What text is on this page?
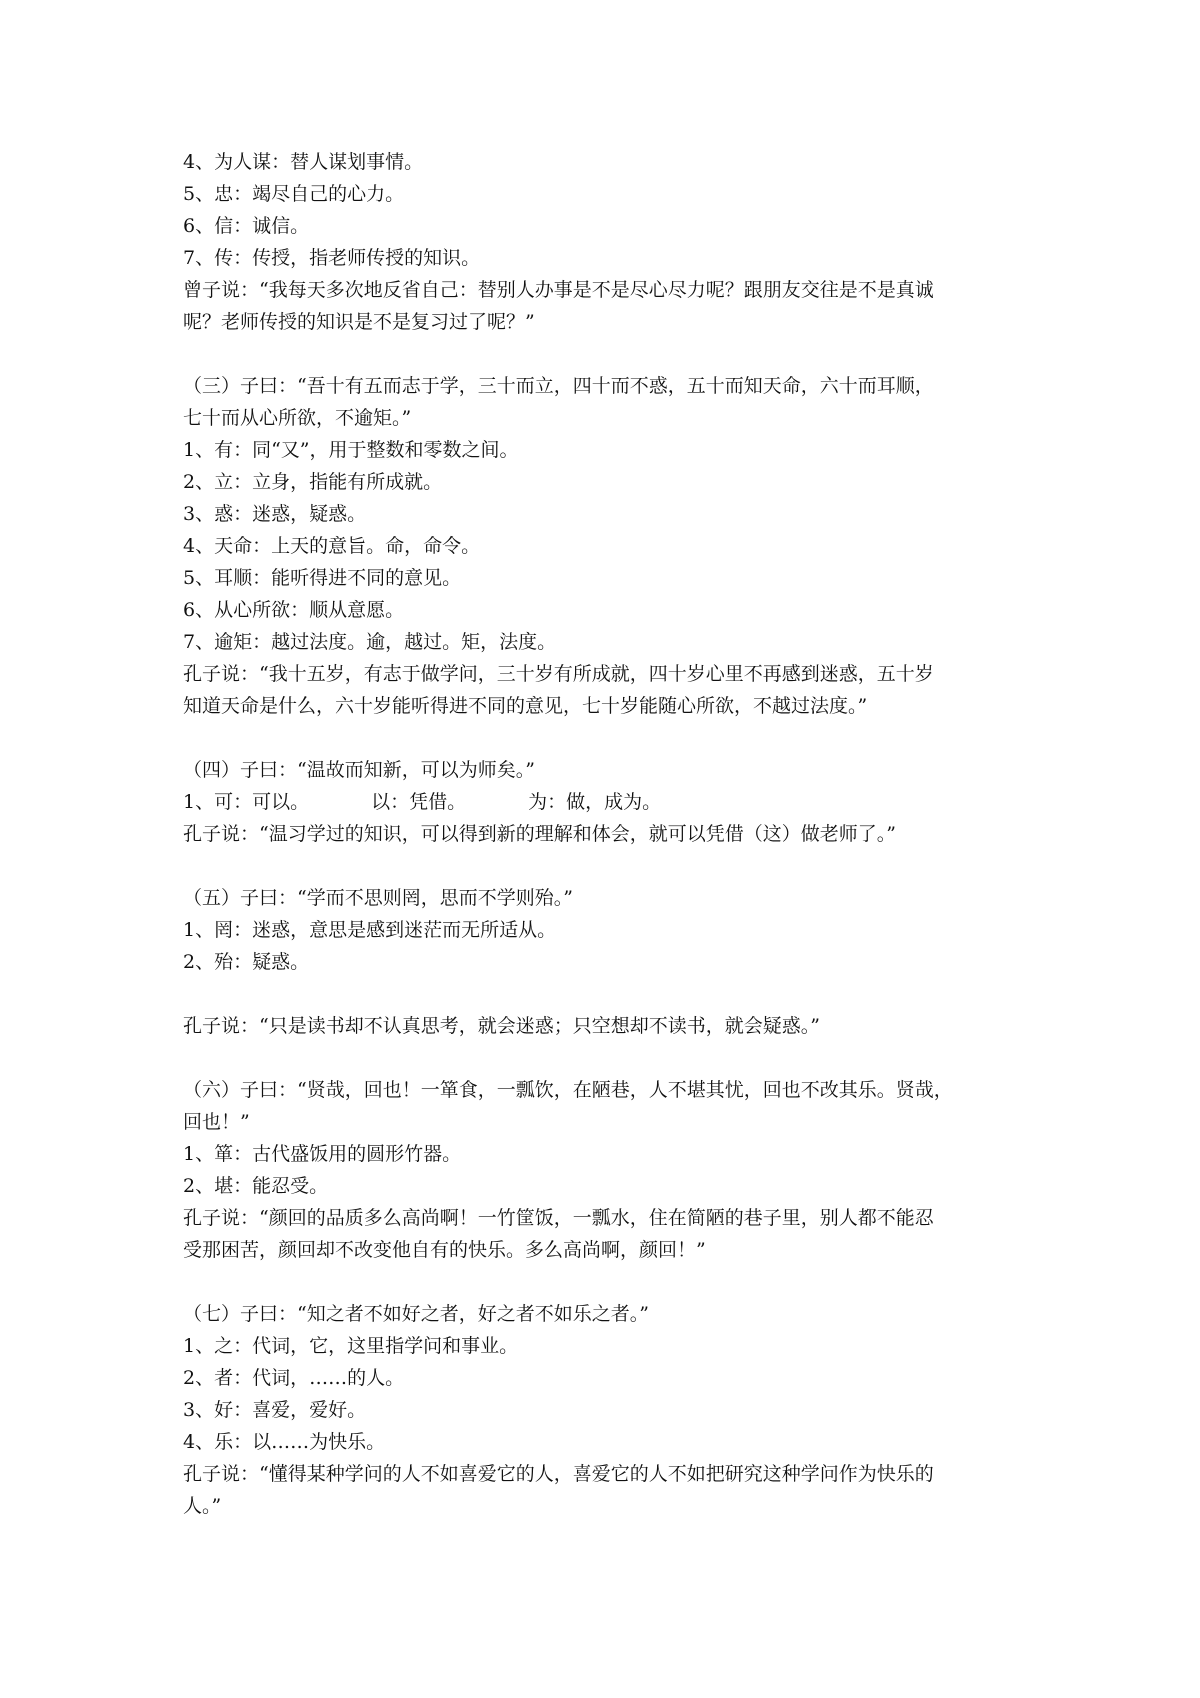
4、为人谋：替人谋划事情。
5、忠：竭尽自己的心力。
6、信：诚信。
7、传：传授，指老师传授的知识。
曾子说：“我每天多次地反省自己：替别人办事是不是尽心尽力呢？跟朋友交往是不是真诚
呢？老师传授的知识是不是复习过了呢？”
（三）子曰：“吾十有五而志于学，三十而立，四十而不惑，五十而知天命，六十而耳顺，
七十而从心所欲，不逾矩。”
1、有：同“又”，用于整数和零数之间。
2、立：立身，指能有所成就。
3、惑：迷惑，疑惑。
4、天命：上天的意旨。命，命令。
5、耳顺：能听得进不同的意见。
6、从心所欲：顺从意愿。
7、逾矩：越过法度。逾，越过。矩，法度。
孔子说：“我十五岁，有志于做学问，三十岁有所成就，四十岁心里不再感到迷惑，五十岁
知道天命是什么，六十岁能听得进不同的意见，七十岁能随心所欲，不越过法度。”
（四）子曰：“温故而知新，可以为师矣。”
1、可：可以。	以：凭借。	为：做，成为。
孔子说：“温习学过的知识，可以得到新的理解和体会，就可以凭借（这）做老师了。”
（五）子曰：“学而不思则罔，思而不学则殆。”
1、罔：迷惑，意思是感到迷茫而无所适从。
2、殆：疑惑。
孔子说：“只是读书却不认真思考，就会迷惑；只空想却不读书，就会疑惑。”
（六）子曰：“贤哉，回也！一箪食，一瓢饮，在陋巷，人不堪其忧，回也不改其乐。贤哉，
回也！”
1、箪：古代盛饭用的圆形竹器。
2、堪：能忍受。
孔子说：“颜回的品质多么高尚啊！一竹筐饭，一瓢水，住在简陋的巷子里，别人都不能忍
受那困苦，颜回却不改变他自有的快乐。多么高尚啊，颜回！”
（七）子曰：“知之者不如好之者，好之者不如乐之者。”
1、之：代词，它，这里指学问和事业。
2、者：代词，……的人。
3、好：喜爱，爱好。
4、乐：以……为快乐。
孔子说：“懂得某种学问的人不如喜爱它的人，喜爱它的人不如把研究这种学问作为快乐的
人。”
